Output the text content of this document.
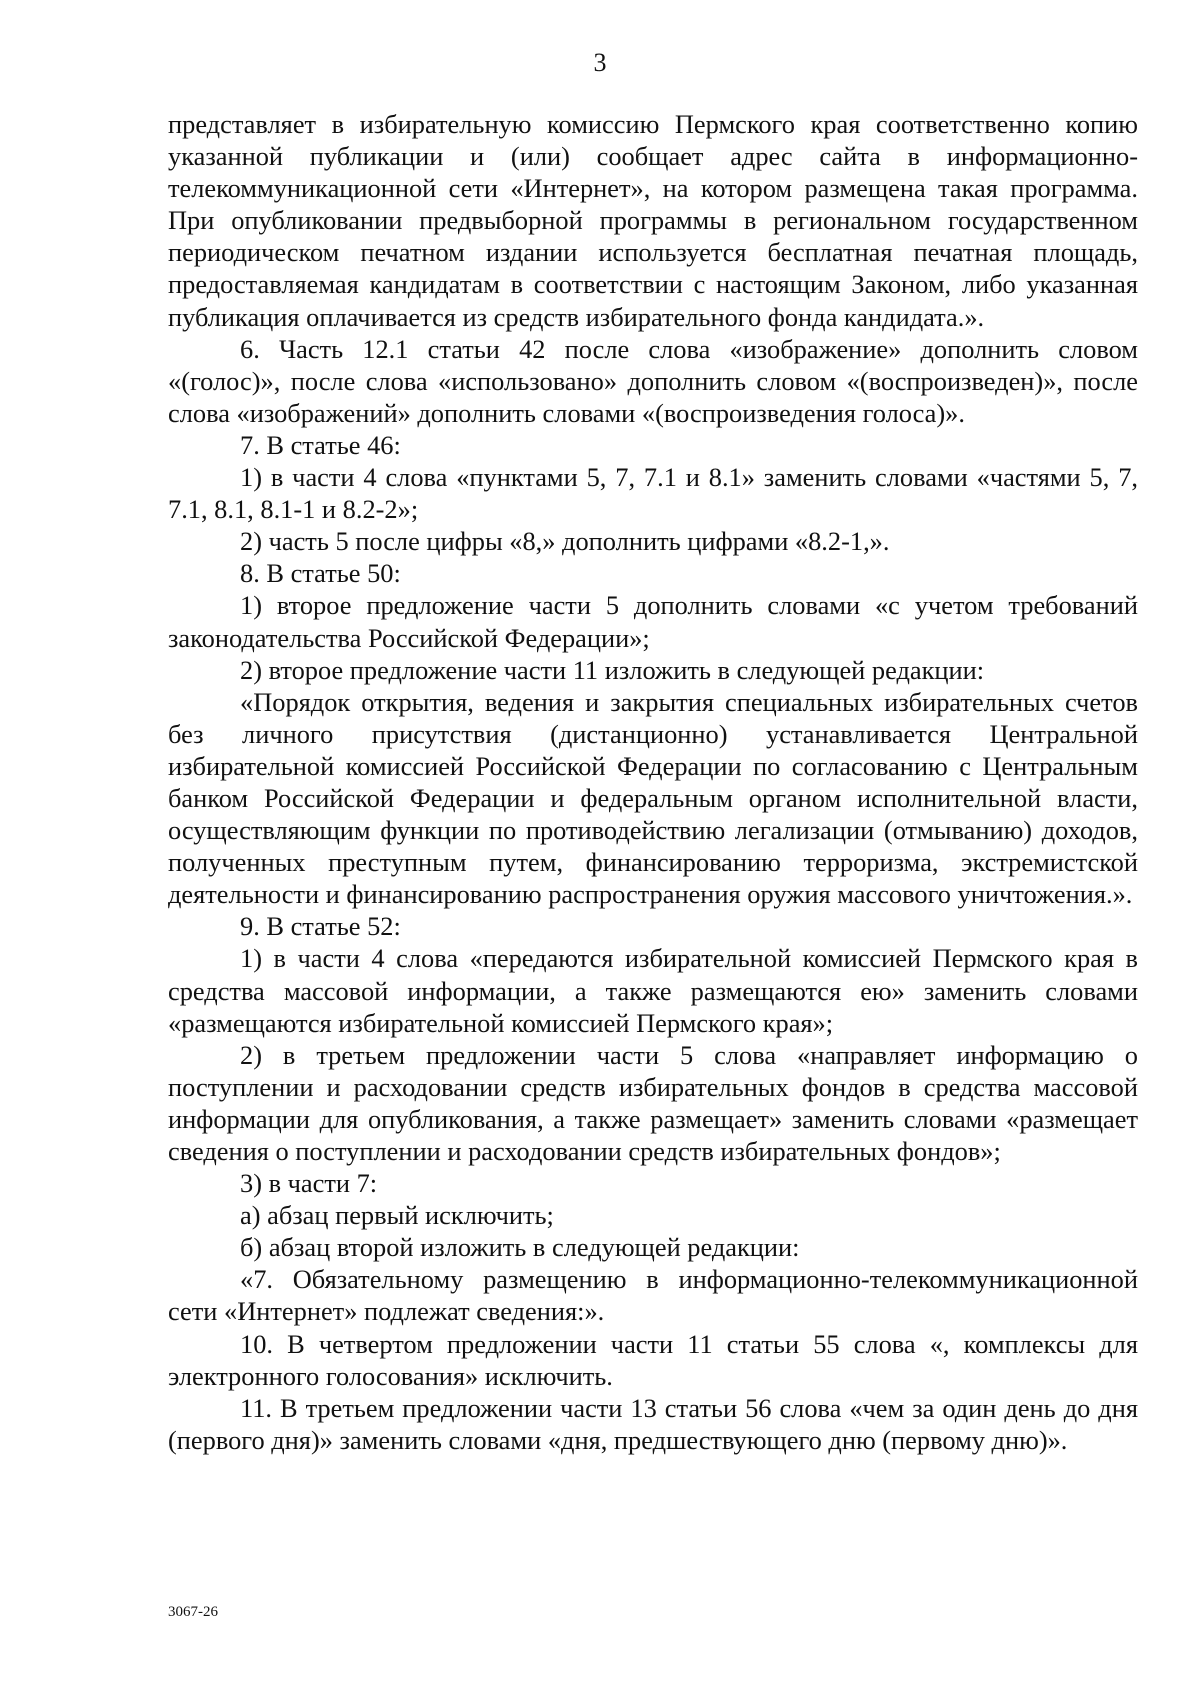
3

представляет в избирательную комиссию Пермского края соответственно копию указанной публикации и (или) сообщает адрес сайта в информационно-телекоммуникационной сети «Интернет», на котором размещена такая программа. При опубликовании предвыборной программы в региональном государственном периодическом печатном издании используется бесплатная печатная площадь, предоставляемая кандидатам в соответствии с настоящим Законом, либо указанная публикация оплачивается из средств избирательного фонда кандидата.».

6. Часть 12.1 статьи 42 после слова «изображение» дополнить словом «(голос)», после слова «использовано» дополнить словом «(воспроизведен)», после слова «изображений» дополнить словами «(воспроизведения голоса)».

7. В статье 46:

1) в части 4 слова «пунктами 5, 7, 7.1 и 8.1» заменить словами «частями 5, 7, 7.1, 8.1, 8.1-1 и 8.2-2»;

2) часть 5 после цифры «8,» дополнить цифрами «8.2-1,».

8. В статье 50:

1) второе предложение части 5 дополнить словами «с учетом требований законодательства Российской Федерации»;

2) второе предложение части 11 изложить в следующей редакции:

«Порядок открытия, ведения и закрытия специальных избирательных счетов без личного присутствия (дистанционно) устанавливается Центральной избирательной комиссией Российской Федерации по согласованию с Центральным банком Российской Федерации и федеральным органом исполнительной власти, осуществляющим функции по противодействию легализации (отмыванию) доходов, полученных преступным путем, финансированию терроризма, экстремистской деятельности и финансированию распространения оружия массового уничтожения.».

9. В статье 52:

1) в части 4 слова «передаются избирательной комиссией Пермского края в средства массовой информации, а также размещаются ею» заменить словами «размещаются избирательной комиссией Пермского края»;

2) в третьем предложении части 5 слова «направляет информацию о поступлении и расходовании средств избирательных фондов в средства массовой информации для опубликования, а также размещает» заменить словами «размещает сведения о поступлении и расходовании средств избирательных фондов»;

3) в части 7:

а) абзац первый исключить;

б) абзац второй изложить в следующей редакции:

«7. Обязательному размещению в информационно-телекоммуникационной сети «Интернет» подлежат сведения:».

10. В четвертом предложении части 11 статьи 55 слова «, комплексы для электронного голосования» исключить.

11. В третьем предложении части 13 статьи 56 слова «чем за один день до дня (первого дня)» заменить словами «дня, предшествующего дню (первому дню)».

3067-26
